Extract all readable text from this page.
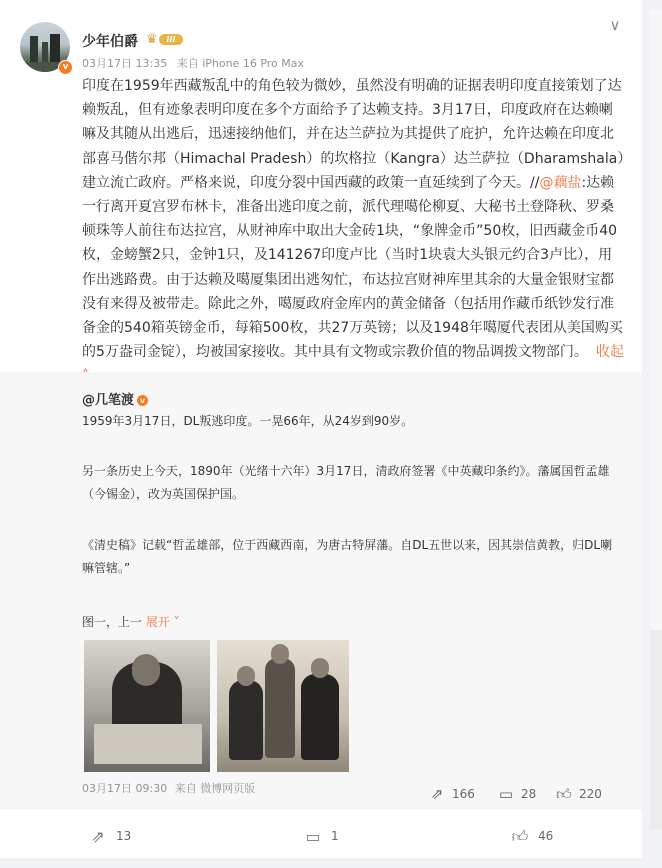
v
少年伯爵 ♛	III
03月17日 13:35 来自 iPhone 16 Pro Max
∨
印度在1959年西藏叛乱中的角色较为微妙，虽然没有明确的证据表明印度直接策划了达赖叛乱，但有迹象表明印度在多个方面给予了达赖支持。3月17日，印度政府在达赖喇嘛及其随从出逃后，迅速接纳他们，并在达兰萨拉为其提供了庇护，允许达赖在印度北部喜马偕尔邦（Himachal Pradesh）的坎格拉（Kangra）达兰萨拉（Dharamshala）建立流亡政府。严格来说，印度分裂中国西藏的政策一直延续到了今天。//@藕盐:达赖一行离开夏宫罗布林卡，准备出逃印度之前，派代理噶伦柳夏、大秘书土登降秋、罗桑顿珠等人前往布达拉宫，从财神库中取出大金砖1块，“象牌金币”50枚，旧西藏金币40枚，金螃蟹2只，金钟1只，及141267印度卢比（当时1块袁大头银元约合3卢比），用作出逃路费。由于达赖及噶厦集团出逃匆忙，布达拉宫财神库里其余的大量金银财宝都没有来得及被带走。除此之外，噶厦政府金库内的黄金储备（包括用作藏币纸钞发行准备金的540箱英镑金币，每箱500枚，共27万英镑；以及1948年噶厦代表团从美国购买的5万盎司金锭），均被国家接收。其中具有文物或宗教价值的物品调拨文物部门。 收起
@几笔渡 v
1959年3月17日，DL叛逃印度。一晃66年，从24岁到90岁。
另一条历史上今天，1890年（光绪十六年）3月17日，清政府签署《中英藏印条约》。藩属国哲孟雄（今锡金），改为英国保护国。
《清史稿》记载“哲孟雄部，位于西藏西南，为唐古特屏藩。自DL五世以来，因其崇信黄教，归DL喇嘛管辖。”
图一，上一 展开 ˅
03月17日 09:30 来自 微博网页版	⇗ 166 ▭ 28 👍︎ 220
⇗ 13	▭ 1	👍︎ 46
